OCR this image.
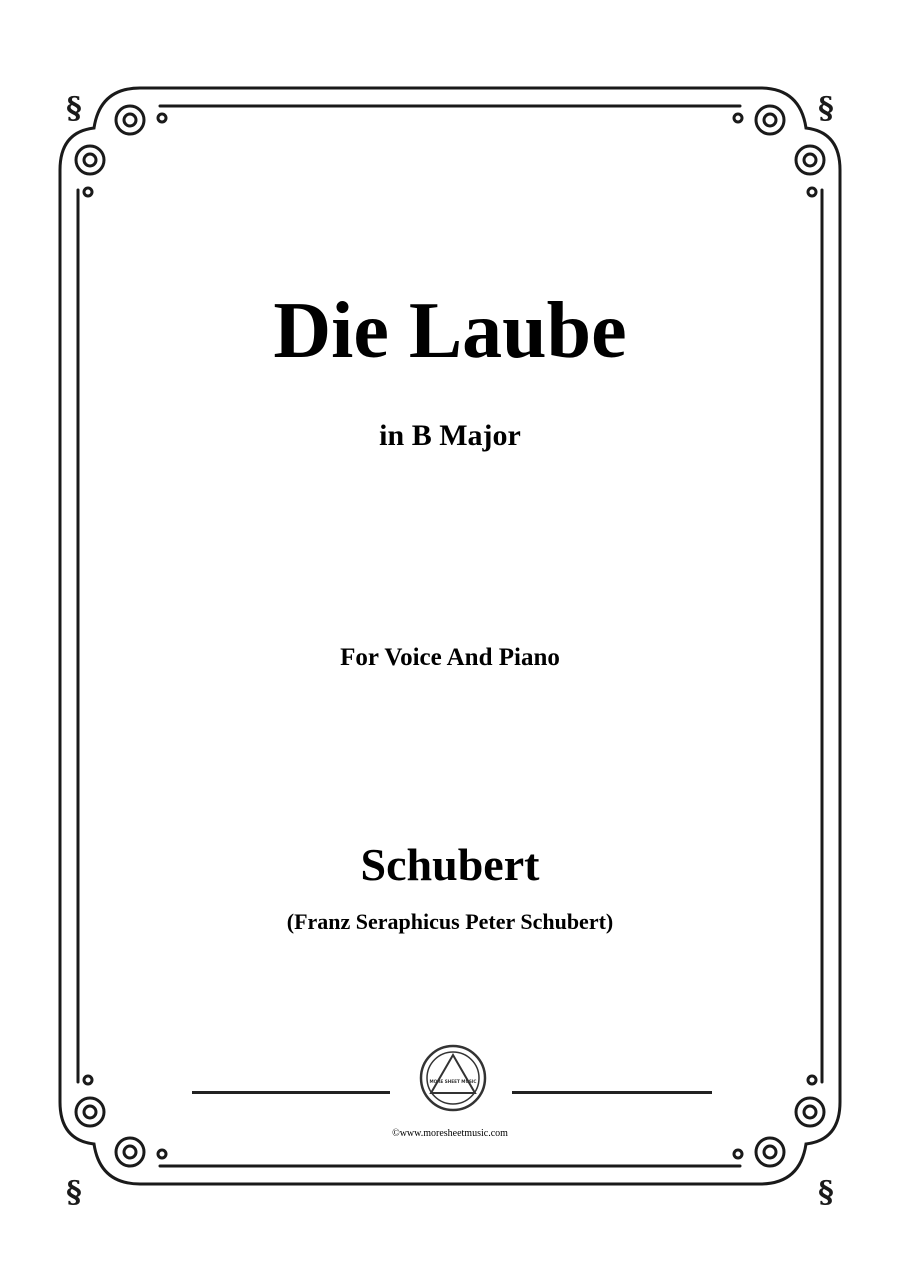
§	§
§	§
Die Laube
in B Major
For Voice And Piano
Schubert
(Franz Seraphicus Peter Schubert)
MORE SHEET MUSIC
©www.moresheetmusic.com
